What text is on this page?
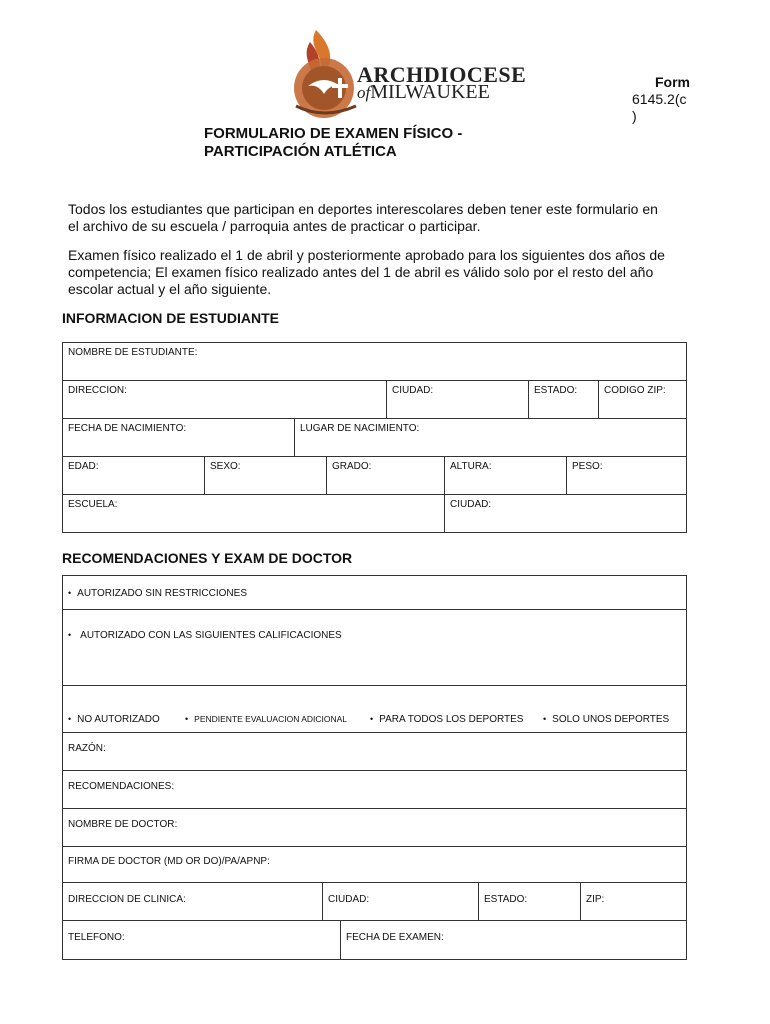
ARCHDIOCESE
ofMILWAUKEE	Form
6145.2(c
)
FORMULARIO DE EXAMEN FÍSICO -
PARTICIPACIÓN ATLÉTICA
Todos los estudiantes que participan en deportes interescolares deben tener este formulario en el archivo de su escuela / parroquia antes de practicar o participar.
Examen físico realizado el 1 de abril y posteriormente aprobado para los siguientes dos años de competencia; El examen físico realizado antes del 1 de abril es válido solo por el resto del año escolar actual y el año siguiente.
INFORMACION DE ESTUDIANTE
NOMBRE DE ESTUDIANTE:
DIRECCION:	CIUDAD:	ESTADO:	CODIGO ZIP:
FECHA DE NACIMIENTO:	LUGAR DE NACIMIENTO:
EDAD:	SEXO:	GRADO:	ALTURA:	PESO:
ESCUELA:	CIUDAD:
RECOMENDACIONES Y EXAM DE DOCTOR
• AUTORIZADO SIN RESTRICCIONES
• AUTORIZADO CON LAS SIGUIENTES CALIFICACIONES
• NO AUTORIZADO	• PENDIENTE EVALUACION ADICIONAL	• PARA TODOS LOS DEPORTES	• SOLO UNOS DEPORTES
RAZÓN:
RECOMENDACIONES:
NOMBRE DE DOCTOR:
FIRMA DE DOCTOR (MD OR DO)/PA/APNP:
DIRECCION DE CLINICA:	CIUDAD:	ESTADO:	ZIP:
TELEFONO:	FECHA DE EXAMEN:
